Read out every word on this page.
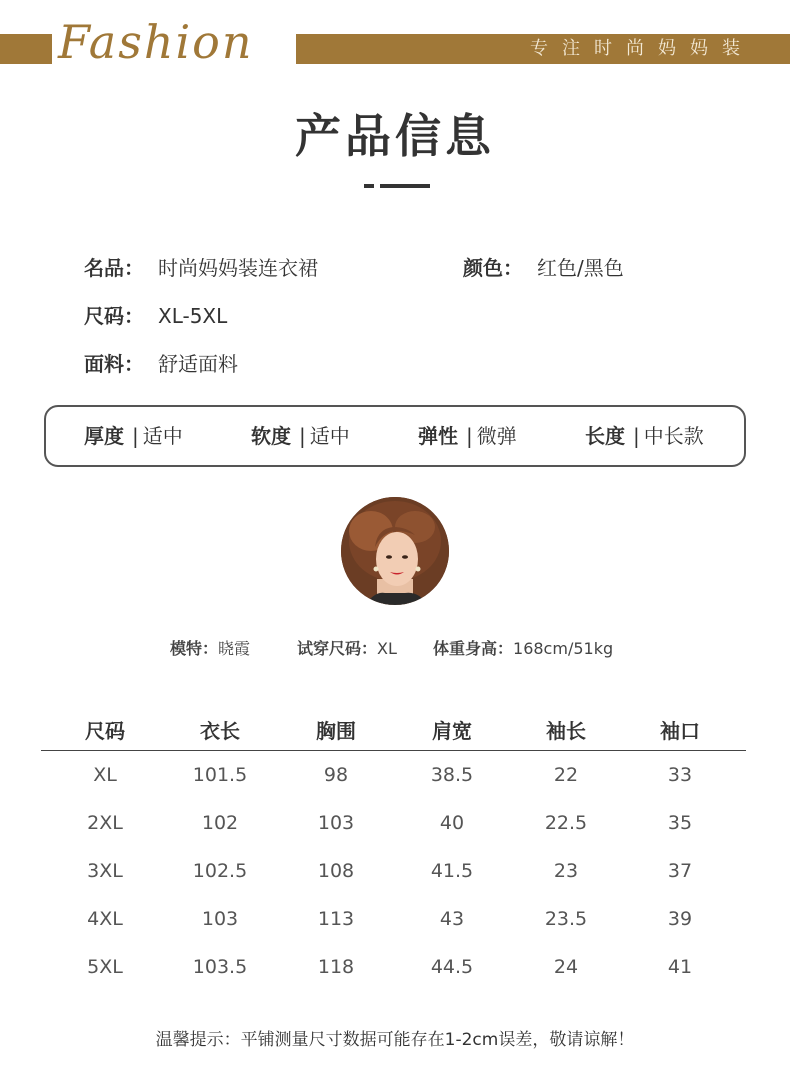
Fashion	专注时尚妈妈装
产品信息
名品： 时尚妈妈装连衣裙	颜色： 红色/黑色
尺码： XL-5XL
面料： 舒适面料
厚度 | 适中	软度 | 适中	弹性 | 微弹	长度 | 中长款
模特：晓霞	试穿尺码：XL 体重身高：168cm/51kg
尺码	衣长	胸围	肩宽	袖长	袖口
XL	101.5	98	38.5	22	33
2XL	102	103	40	22.5	35
3XL	102.5	108	41.5	23	37
4XL	103	113	43	23.5	39
5XL	103.5	118	44.5	24	41
温馨提示：平铺测量尺寸数据可能存在1-2cm误差，敬请谅解！
